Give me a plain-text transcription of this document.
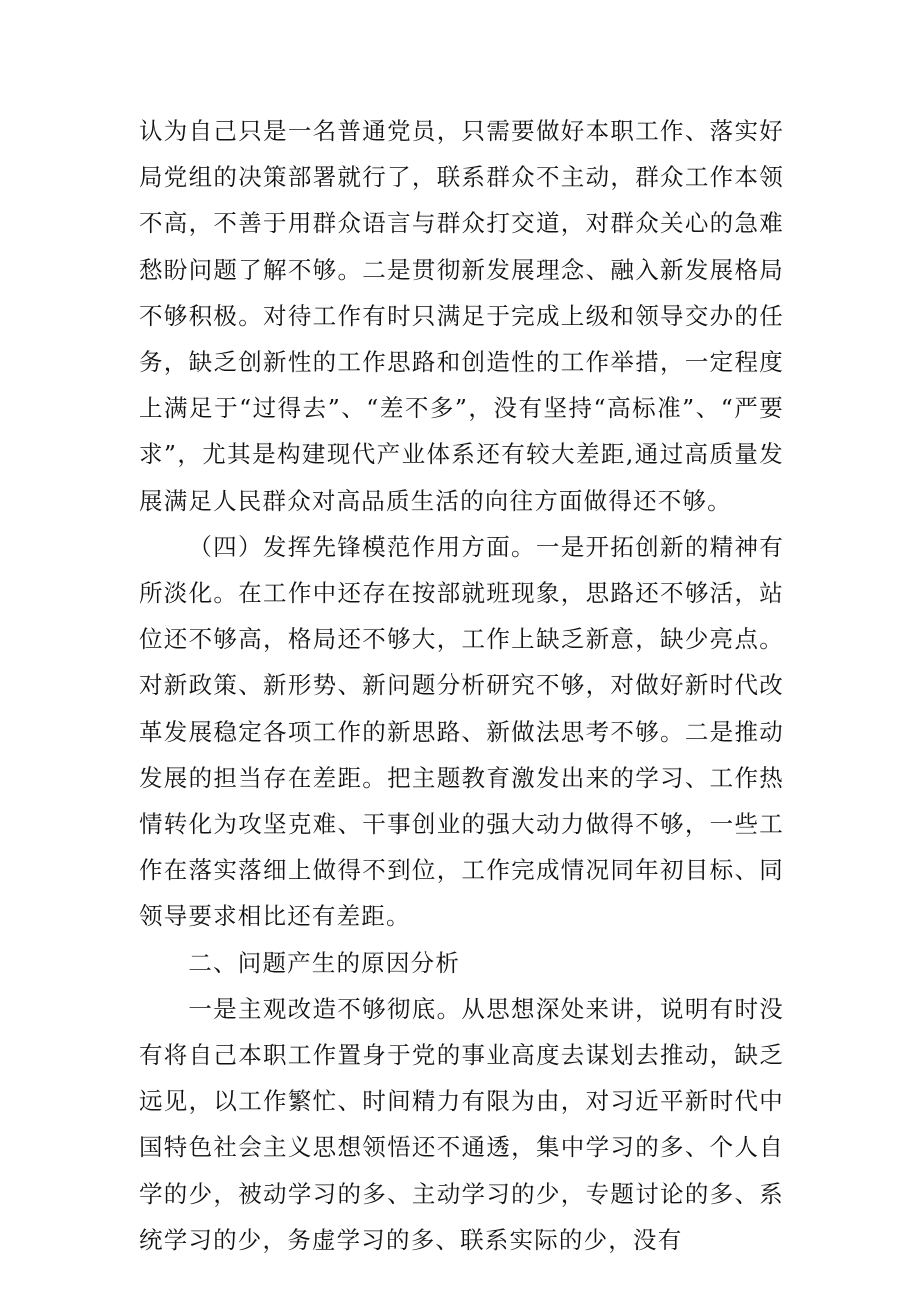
认为自己只是一名普通党员，只需要做好本职工作、落实好局党组的决策部署就行了，联系群众不主动，群众工作本领不高，不善于用群众语言与群众打交道，对群众关心的急难愁盼问题了解不够。二是贯彻新发展理念、融入新发展格局不够积极。对待工作有时只满足于完成上级和领导交办的任务，缺乏创新性的工作思路和创造性的工作举措，一定程度上满足于“过得去”、“差不多”，没有坚持“高标准”、“严要求”，尤其是构建现代产业体系还有较大差距,通过高质量发展满足人民群众对高品质生活的向往方面做得还不够。

（四）发挥先锋模范作用方面。一是开拓创新的精神有所淡化。在工作中还存在按部就班现象，思路还不够活，站位还不够高，格局还不够大，工作上缺乏新意，缺少亮点。对新政策、新形势、新问题分析研究不够，对做好新时代改革发展稳定各项工作的新思路、新做法思考不够。二是推动发展的担当存在差距。把主题教育激发出来的学习、工作热情转化为攻坚克难、干事创业的强大动力做得不够，一些工作在落实落细上做得不到位，工作完成情况同年初目标、同领导要求相比还有差距。

二、问题产生的原因分析

一是主观改造不够彻底。从思想深处来讲，说明有时没有将自己本职工作置身于党的事业高度去谋划去推动，缺乏远见，以工作繁忙、时间精力有限为由，对习近平新时代中国特色社会主义思想领悟还不通透，集中学习的多、个人自学的少，被动学习的多、主动学习的少，专题讨论的多、系统学习的少，务虚学习的多、联系实际的少，没有
